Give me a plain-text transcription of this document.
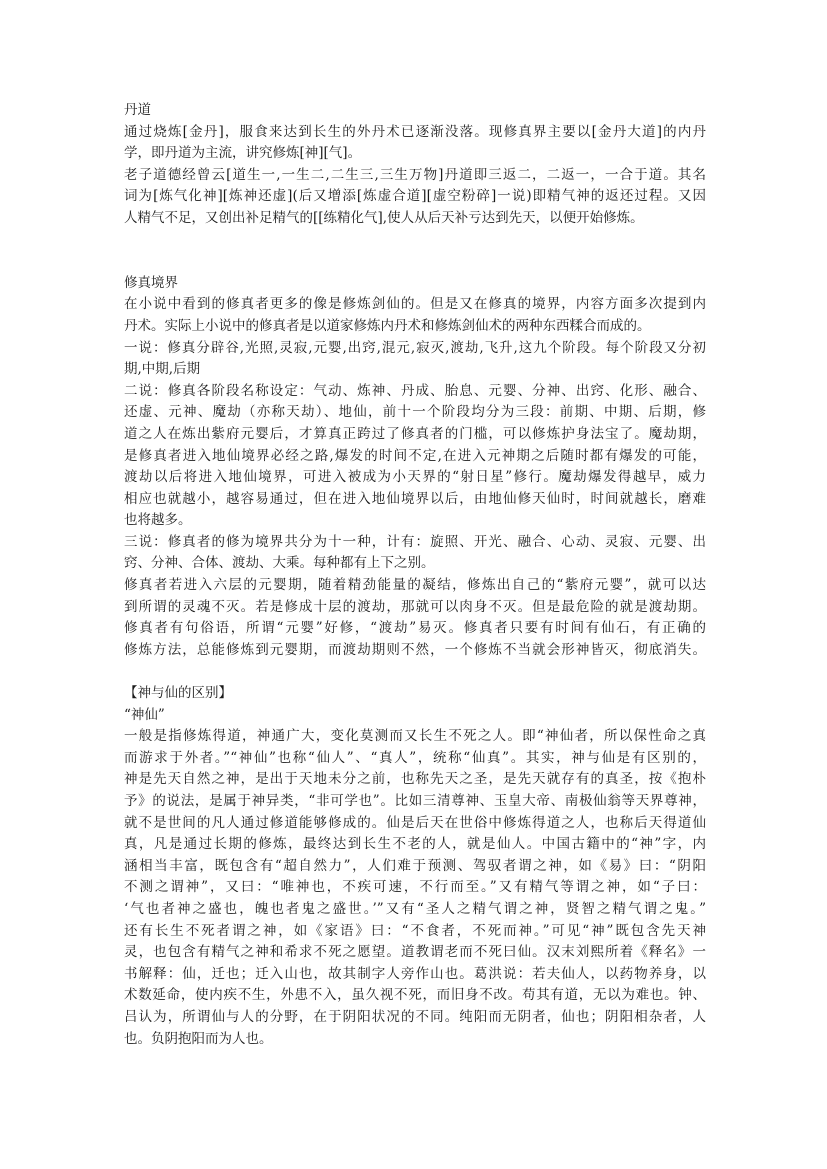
丹道
通过烧炼[金丹]，服食来达到长生的外丹术已逐渐没落。现修真界主要以[金丹大道]的内丹
学，即丹道为主流，讲究修炼[神][气]。
老子道德经曾云[道生一,一生二,二生三,三生万物]丹道即三返二，二返一，一合于道。其名
词为[炼气化神][炼神还虚](后又增添[炼虚合道][虚空粉碎]一说)即精气神的返还过程。又因
人精气不足，又创出补足精气的[[练精化气],使人从后天补亏达到先天，以便开始修炼。
修真境界
在小说中看到的修真者更多的像是修炼剑仙的。但是又在修真的境界，内容方面多次提到内
丹术。实际上小说中的修真者是以道家修炼内丹术和修炼剑仙术的两种东西糅合而成的。
一说：修真分辟谷,光照,灵寂,元婴,出窍,混元,寂灭,渡劫,飞升,这九个阶段。每个阶段又分初
期,中期,后期
二说：修真各阶段名称设定：气动、炼神、丹成、胎息、元婴、分神、出窍、化形、融合、
还虚、元神、魔劫（亦称天劫）、地仙，前十一个阶段均分为三段：前期、中期、后期，修
道之人在炼出紫府元婴后，才算真正跨过了修真者的门槛，可以修炼护身法宝了。魔劫期，
是修真者进入地仙境界必经之路,爆发的时间不定,在进入元神期之后随时都有爆发的可能，
渡劫以后将进入地仙境界，可进入被成为小天界的“射日星”修行。魔劫爆发得越早，威力
相应也就越小，越容易通过，但在进入地仙境界以后，由地仙修天仙时，时间就越长，磨难
也将越多。
三说：修真者的修为境界共分为十一种，计有：旋照、开光、融合、心动、灵寂、元婴、出
窍、分神、合体、渡劫、大乘。每种都有上下之别。
修真者若进入六层的元婴期，随着精劲能量的凝结，修炼出自己的“紫府元婴”，就可以达
到所谓的灵魂不灭。若是修成十层的渡劫，那就可以肉身不灭。但是最危险的就是渡劫期。
修真者有句俗语，所谓“元婴”好修，“渡劫”易灭。修真者只要有时间有仙石，有正确的
修炼方法，总能修炼到元婴期，而渡劫期则不然，一个修炼不当就会形神皆灭，彻底消失。
【神与仙的区别】
“神仙”
一般是指修炼得道，神通广大，变化莫测而又长生不死之人。即“神仙者，所以保性命之真
而游求于外者。”“神仙”也称“仙人”、“真人”，统称“仙真”。其实，神与仙是有区别的，
神是先天自然之神，是出于天地未分之前，也称先天之圣，是先天就存有的真圣，按《抱朴
予》的说法，是属于神异类，“非可学也”。比如三清尊神、玉皇大帝、南极仙翁等天界尊神，
就不是世间的凡人通过修道能够修成的。仙是后天在世俗中修炼得道之人，也称后天得道仙
真，凡是通过长期的修炼，最终达到长生不老的人，就是仙人。中国古籍中的“神”字，内
涵相当丰富，既包含有“超自然力”，人们难于预测、驾驭者谓之神，如《易》曰：“阴阳
不测之谓神”，又曰：“唯神也，不疾可速，不行而至。”又有精气等谓之神，如“子曰：
‘气也者神之盛也，魄也者鬼之盛世。’”又有“圣人之精气谓之神，贤智之精气谓之鬼。”
还有长生不死者谓之神，如《家语》曰：“不食者，不死而神。”可见“神”既包含先天神
灵，也包含有精气之神和希求不死之愿望。道教谓老而不死曰仙。汉末刘熙所着《释名》一
书解释：仙，迁也；迁入山也，故其制字人旁作山也。葛洪说：若夫仙人，以药物养身，以
术数延命，使内疾不生，外患不入，虽久视不死，而旧身不改。苟其有道，无以为难也。钟、
吕认为，所谓仙与人的分野，在于阴阳状况的不同。纯阳而无阴者，仙也；阴阳相杂者，人
也。负阴抱阳而为人也。
